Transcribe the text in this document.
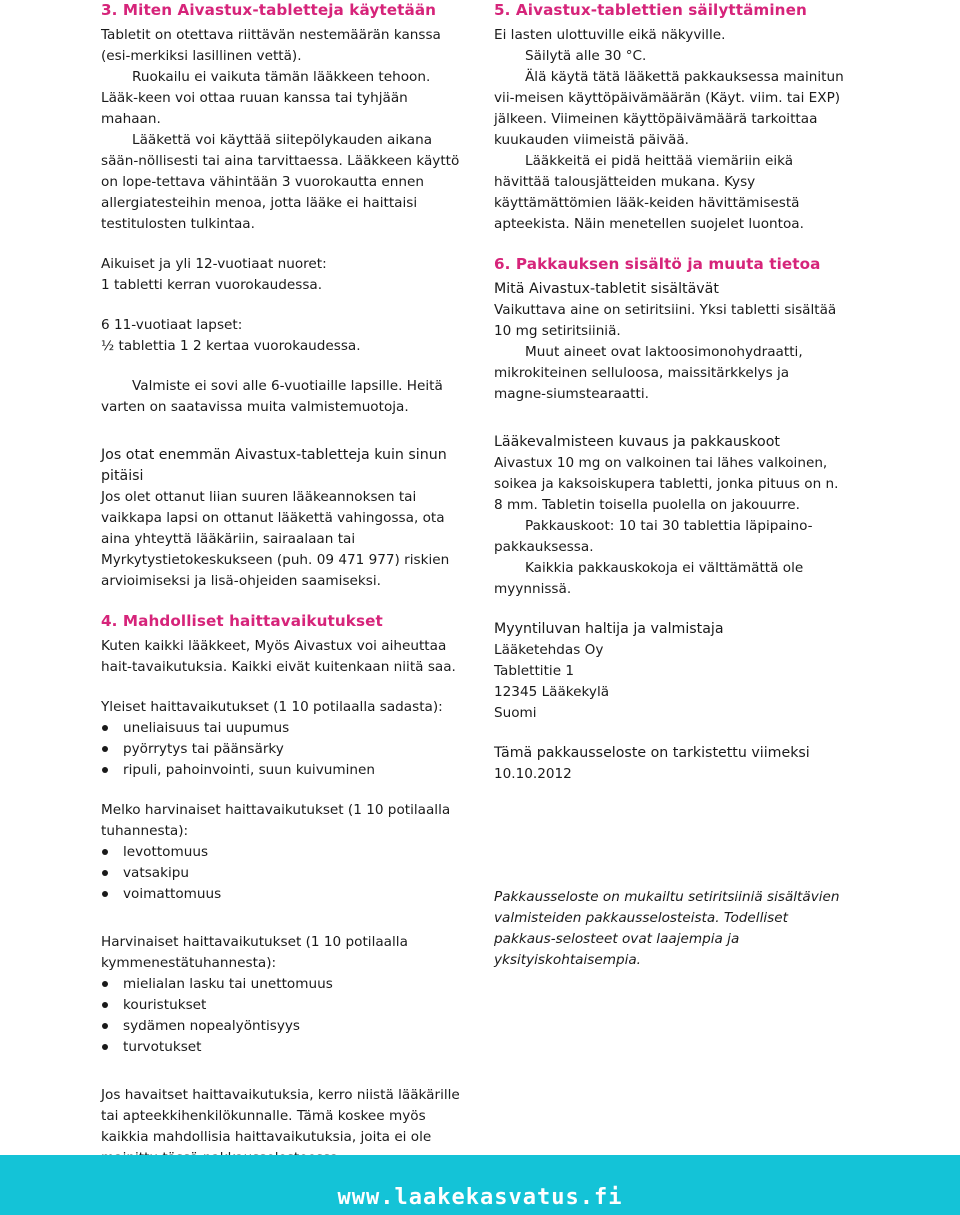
3. Miten Aivastux-tabletteja käytetään

Tabletit on otettava riittävän nestemäärän kanssa (esi-merkiksi lasillinen vettä).

Ruokailu ei vaikuta tämän lääkkeen tehoon. Lääk-keen voi ottaa ruuan kanssa tai tyhjään mahaan.

Lääkettä voi käyttää siitepölykauden aikana sään-nöllisesti tai aina tarvittaessa. Lääkkeen käyttö on lope-tettava vähintään 3 vuorokautta ennen allergiatesteihin menoa, jotta lääke ei haittaisi testitulosten tulkintaa.

Aikuiset ja yli 12-vuotiaat nuoret:

1 tabletti kerran vuorokaudessa.

6 11-vuotiaat lapset:

½ tablettia 1 2 kertaa vuorokaudessa.

Valmiste ei sovi alle 6-vuotiaille lapsille. Heitä varten on saatavissa muita valmistemuotoja.

Jos otat enemmän Aivastux-tabletteja kuin sinun pitäisi

Jos olet ottanut liian suuren lääkeannoksen tai vaikkapa lapsi on ottanut lääkettä vahingossa, ota aina yhteyttä lääkäriin, sairaalaan tai Myrkytystietokeskukseen (puh. 09 471 977) riskien arvioimiseksi ja lisä-ohjeiden saamiseksi.

4. Mahdolliset haittavaikutukset

Kuten kaikki lääkkeet, Myös Aivastux voi aiheuttaa hait-tavaikutuksia. Kaikki eivät kuitenkaan niitä saa.

Yleiset haittavaikutukset (1 10 potilaalla sadasta):

uneliaisuus tai uupumus
pyörrytys tai päänsärky
ripuli, pahoinvointi, suun kuivuminen

Melko harvinaiset haittavaikutukset (1 10 potilaalla tuhannesta):

levottomuus
vatsakipu
voimattomuus

Harvinaiset haittavaikutukset (1 10 potilaalla kymmenestätuhannesta):

mielialan lasku tai unettomuus
kouristukset
sydämen nopealyöntisyys
turvotukset

Jos havaitset haittavaikutuksia, kerro niistä lääkärille tai apteekkihenkilökunnalle. Tämä koskee myös kaikkia mahdollisia haittavaikutuksia, joita ei ole

5. Aivastux-tablettien säilyttäminen

Ei lasten ulottuville eikä näkyville.

Säilytä alle 30 °C.

Älä käytä tätä lääkettä pakkauksessa mainitun vii-meisen käyttöpäivämäärän (Käyt. viim. tai EXP) jälkeen. Viimeinen käyttöpäivämäärä tarkoittaa kuukauden viimeistä päivää.

Lääkkeitä ei pidä heittää viemäriin eikä hävittää talousjätteiden mukana. Kysy käyttämättömien lääk-keiden hävittämisestä apteekista. Näin menetellen suojelet luontoa.

6. Pakkauksen sisältö ja muuta tietoa
Mitä Aivastux-tabletit sisältävät

Vaikuttava aine on setiritsiini. Yksi tabletti sisältää 10 mg setiritsiiniä.

Muut aineet ovat laktoosimonohydraatti, mikrokiteinen selluloosa, maissitärkkelys ja magne-siumstearaatti.

Lääkevalmisteen kuvaus ja pakkauskoot

Aivastux 10 mg on valkoinen tai lähes valkoinen, soikea ja kaksoiskupera tabletti, jonka pituus on n. 8 mm. Tabletin toisella puolella on jakouurre.

Pakkauskoot: 10 tai 30 tablettia läpipaino-pakkauksessa.

Kaikkia pakkauskokoja ei välttämättä ole myynnissä.

Myyntiluvan haltija ja valmistaja

Lääketehdas Oy

Tablettitie 1

12345 Lääkekylä

Suomi

Tämä pakkausseloste on tarkistettu viimeksi

10.10.2012

Pakkausseloste on mukailtu setiritsiiniä sisältävien valmisteiden pakkausselosteista. Todelliset pakkaus-selosteet ovat laajempia ja yksityiskohtaisempia.

www.laakekasvatus.fi
